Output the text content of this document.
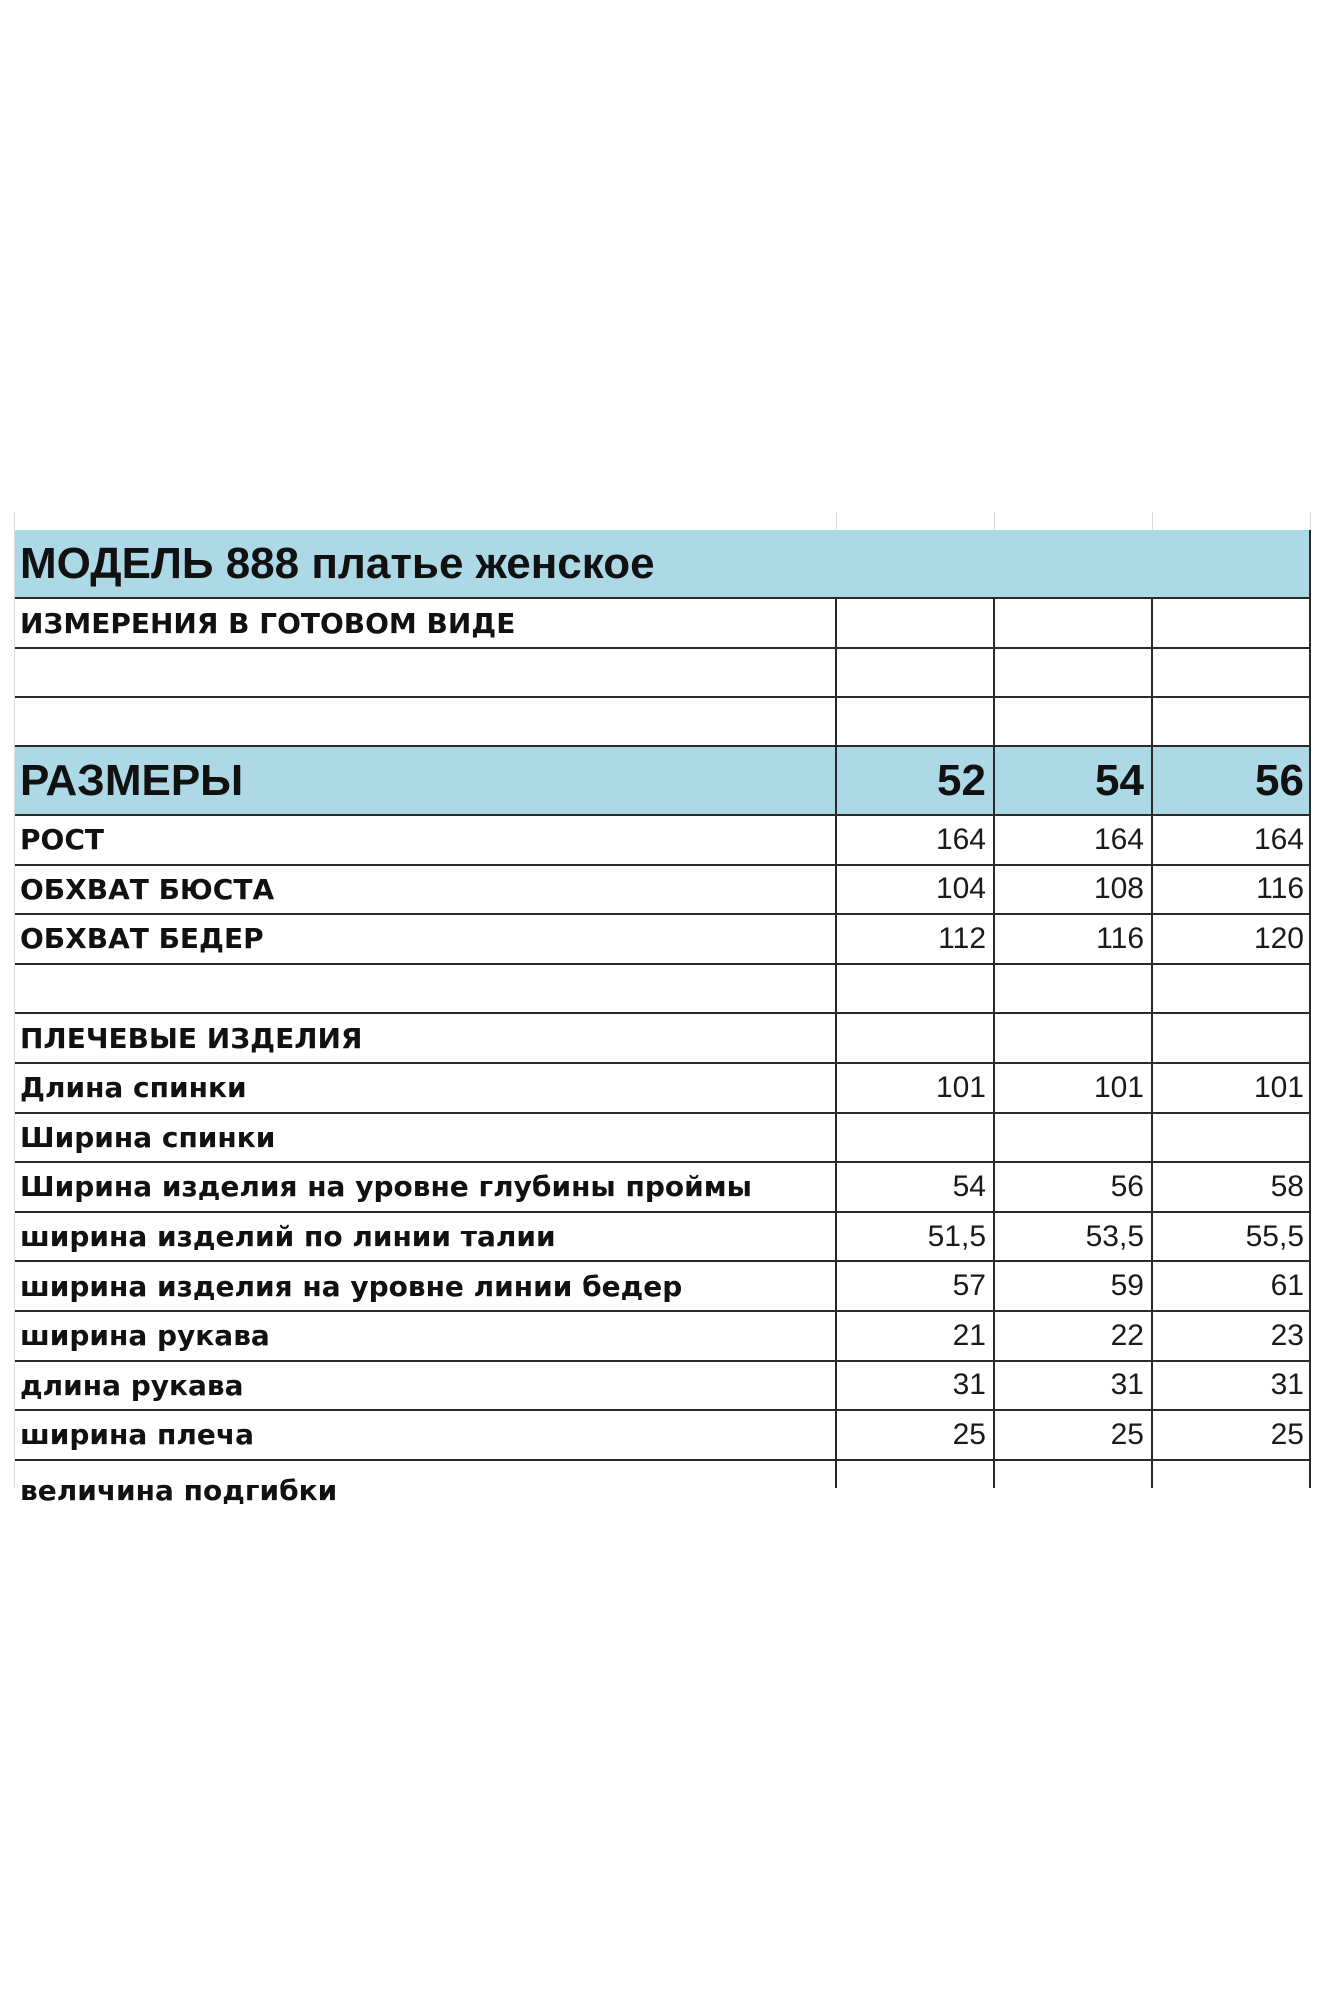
МОДЕЛЬ 888 платье женское
ИЗМЕРЕНИЯ В ГОТОВОМ ВИДЕ
РАЗМЕРЫ	52	54	56
РОСТ	164	164	164
ОБХВАТ БЮСТА	104	108	116
ОБХВАТ БЕДЕР	112	116	120
ПЛЕЧЕВЫЕ ИЗДЕЛИЯ
Длина спинки	101	101	101
Ширина спинки
Ширина изделия на уровне глубины проймы	54	56	58
ширина изделий по линии талии	51,5	53,5	55,5
ширина изделия на уровне линии бедер	57	59	61
ширина рукава	21	22	23
длина рукава	31	31	31
ширина плеча	25	25	25
величина подгибки
